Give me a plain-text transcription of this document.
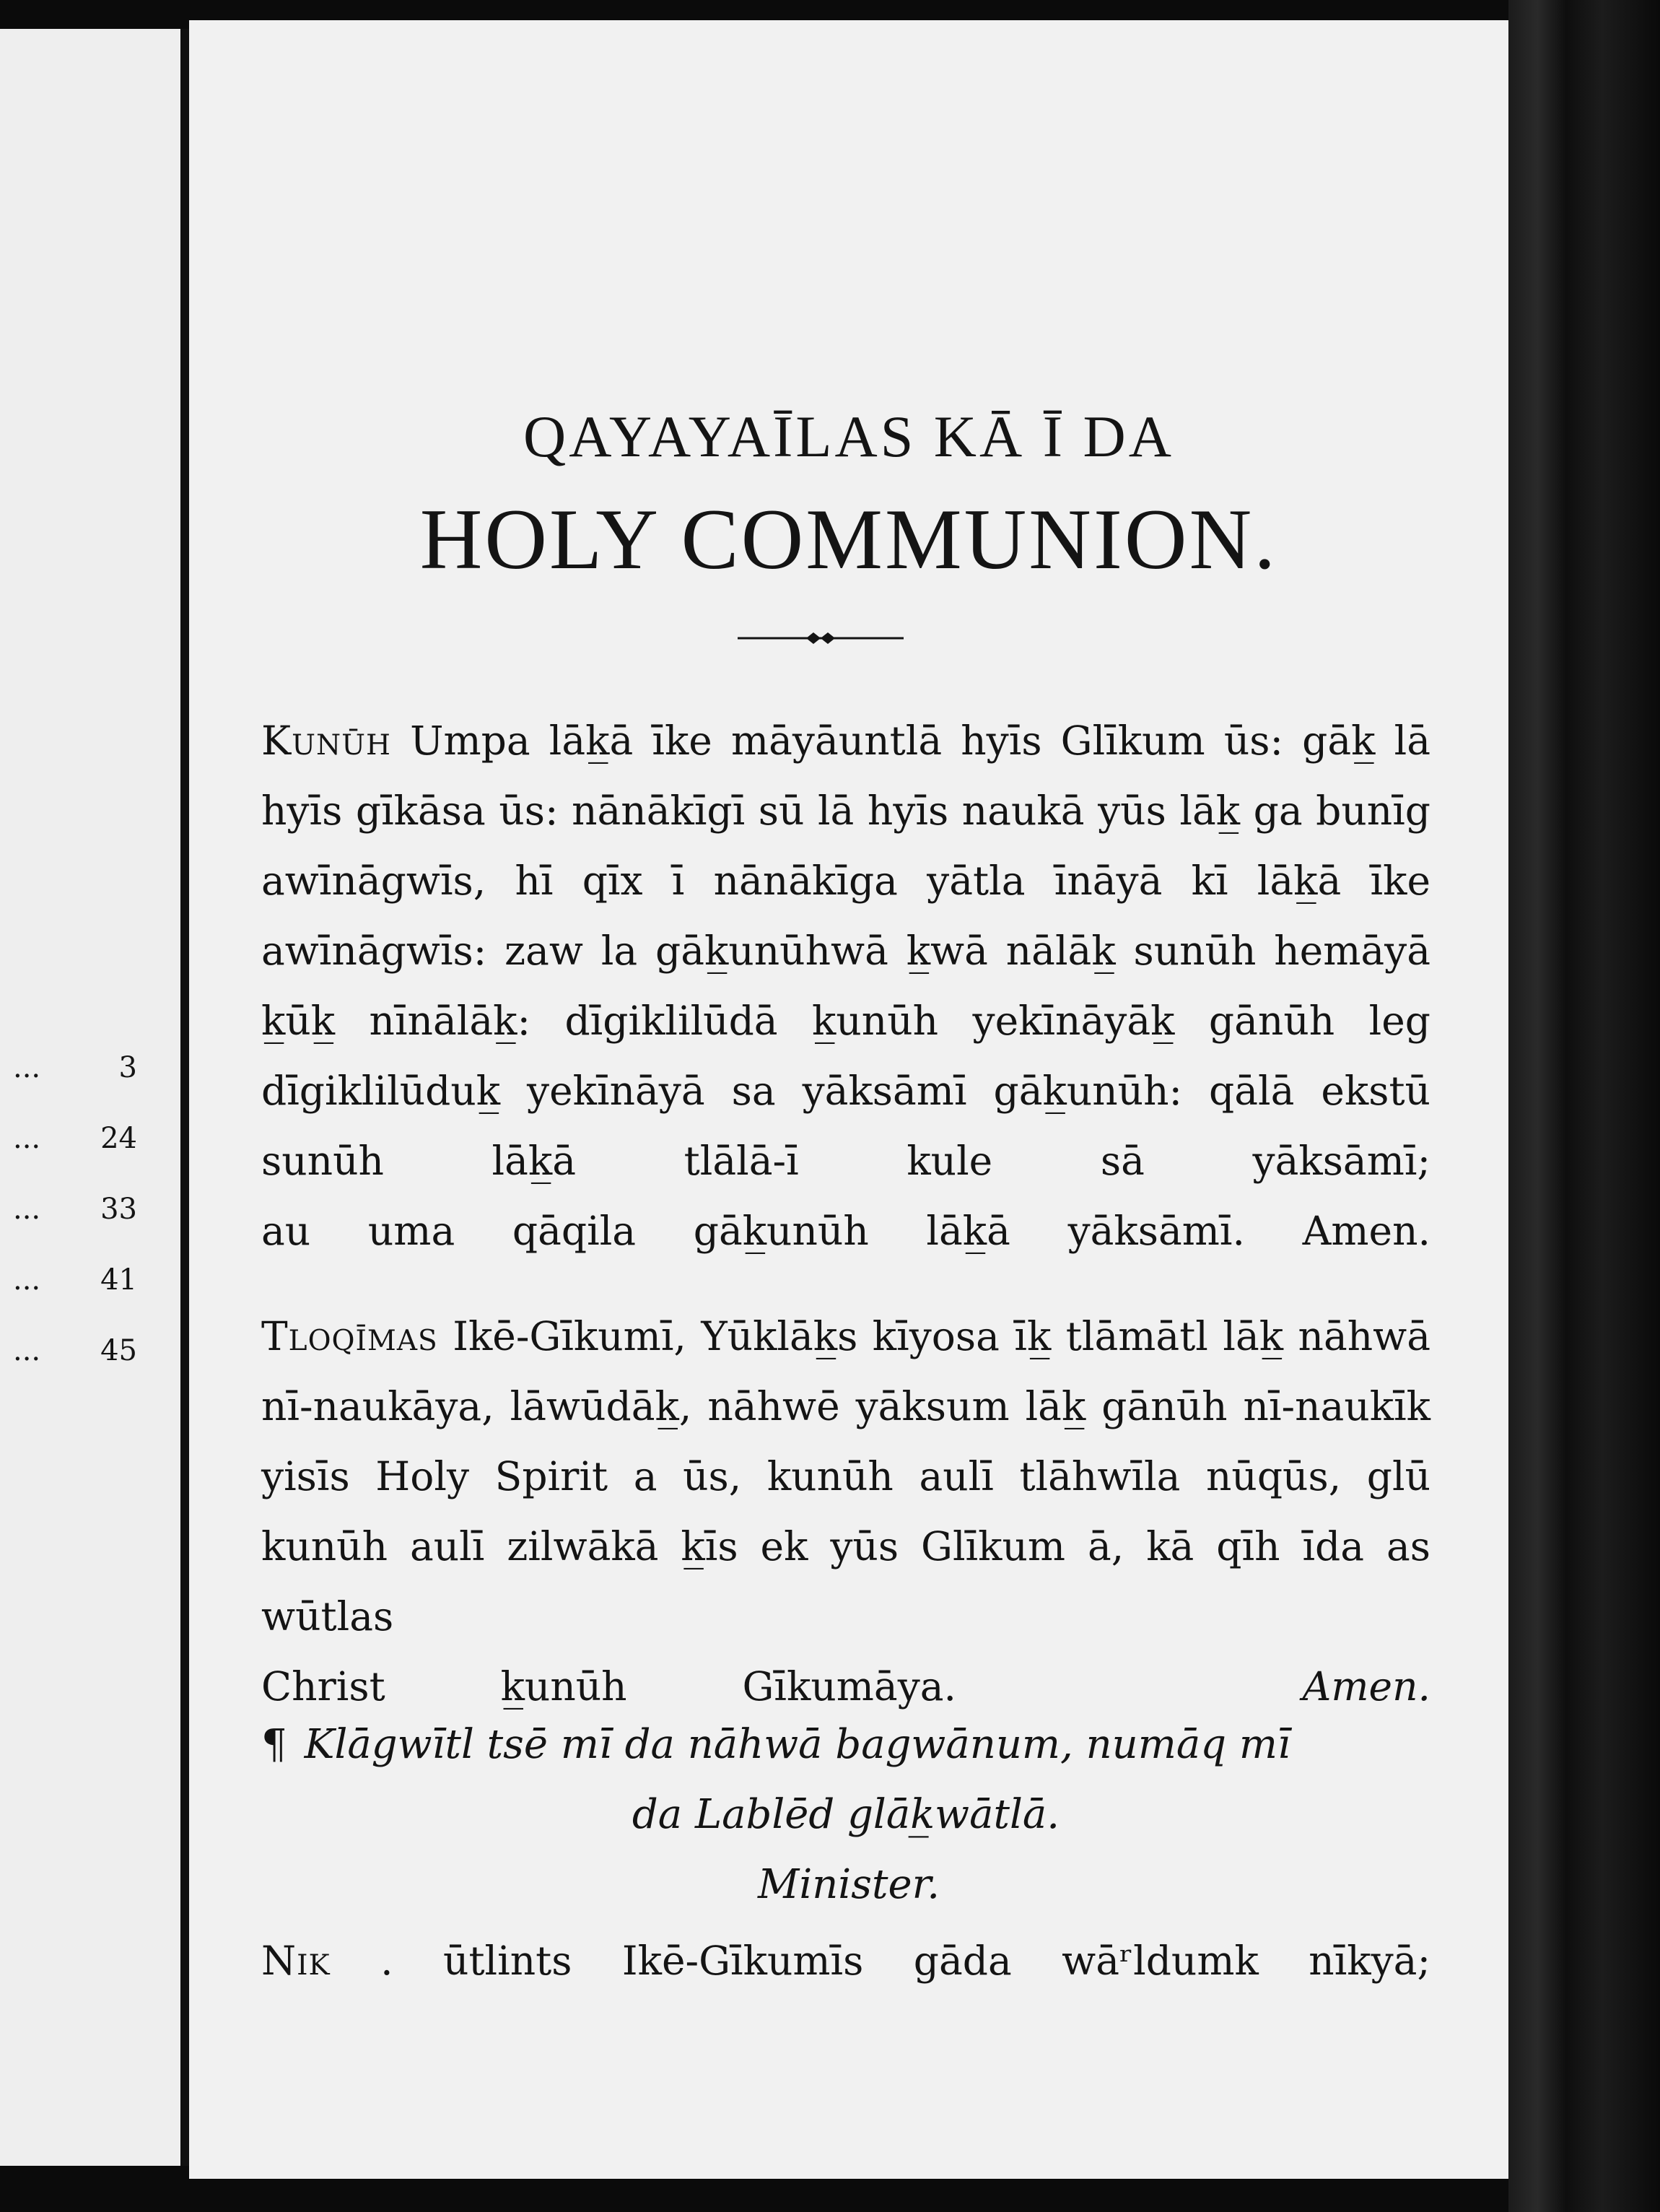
...	3
... 24
... 33
... 41
... 45
QAYAYAĪLAS KĀ Ī DA
HOLY COMMUNION.
Kunūh Umpa lāk̲ā īke māyāuntlā hyīs Glīkum ūs: gāk̲ lā hyīs gīkāsa ūs: nānākīgī sū lā hyīs naukā yūs lāk̲ ga bunīg awīnāgwīs, hī qīx ī nānākīga yātla īnāyā kī lāk̲ā īke awīnāgwīs: zaw la gāk̲unūhwā k̲wā nālāk̲ sunūh hemāyā k̲ūk̲ nīnālāk̲: dīgiklilūdā k̲unūh yekīnāyāk̲ gānūh leg dīgiklilūduk̲ yekīnāyā sa yāksāmī gāk̲unūh: qālā ekstū sunūh lāk̲ā tlālā-ī kule sā yāksāmī;
au uma qāqila gāk̲unūh lāk̲ā yāksāmī. Amen.
Tloqīmas Ikē-Gīkumī, Yūklāk̲s kīyosa īk̲ tlāmātl lāk̲ nāhwā nī-naukāya, lāwūdāk̲, nāhwē yāksum lāk̲ gānūh nī-naukīk yisīs Holy Spirit a ūs, kunūh aulī tlāhwīla nūqūs, glū kunūh aulī zilwākā k̲īs ek yūs Glīkum ā, kā qīh īda as wūtlas
Christ k̲unūh Gīkumāya.	Amen.
¶ Klāgwītl tsē mī da nāhwā bagwānum, numāq mī
da Lablēd glāk̲wātlā.
Minister.
Nik . ūtlints Ikē-Gīkumīs gāda wāʳldumk nīkyā;
